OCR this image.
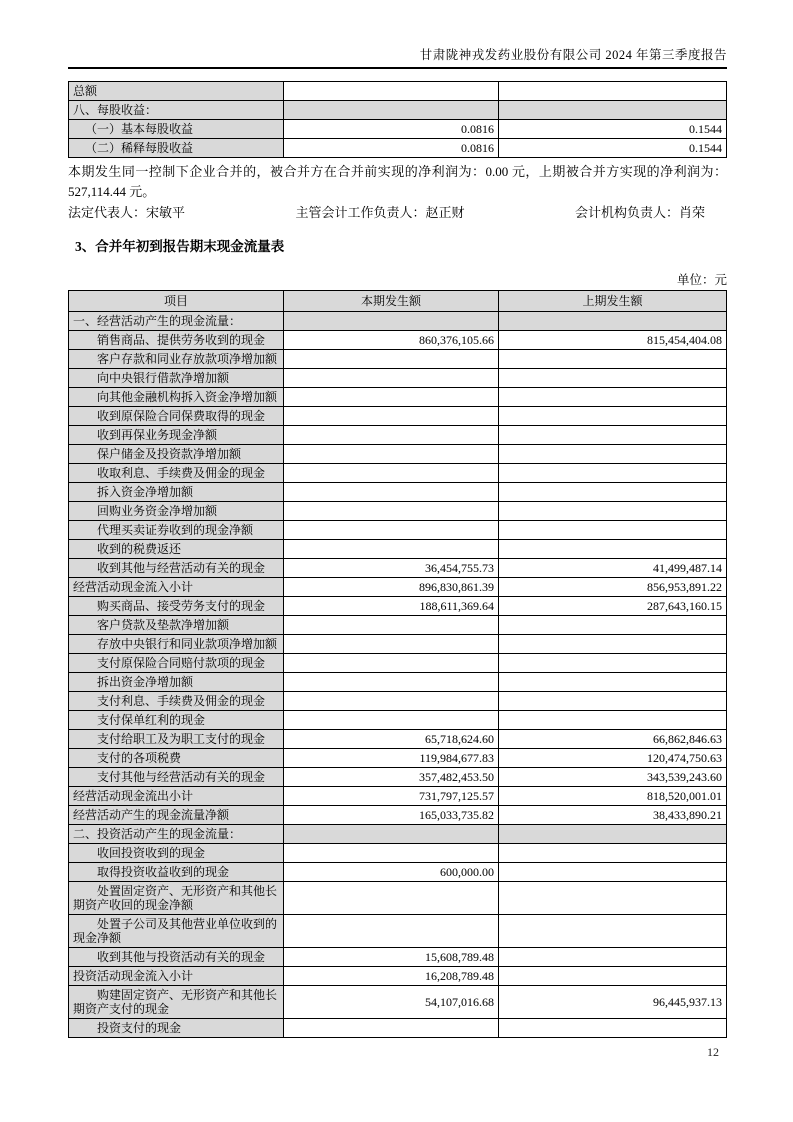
甘肃陇神戎发药业股份有限公司 2024 年第三季度报告
总额		
八、每股收益：		
（一）基本每股收益	0.0816	0.1544
（二）稀释每股收益	0.0816	0.1544

本期发生同一控制下企业合并的，被合并方在合并前实现的净利润为：0.00 元，上期被合并方实现的净利润为：527,114.44 元。

法定代表人：宋敏平	主管会计工作负责人：赵正财	会计机构负责人：肖荣
3、合并年初到报告期末现金流量表
单位：元
项目	本期发生额	上期发生额
一、经营活动产生的现金流量：		
销售商品、提供劳务收到的现金	860,376,105.66	815,454,404.08
客户存款和同业存放款项净增加额		
向中央银行借款净增加额		
向其他金融机构拆入资金净增加额		
收到原保险合同保费取得的现金		
收到再保业务现金净额		
保户储金及投资款净增加额		
收取利息、手续费及佣金的现金		
拆入资金净增加额		
回购业务资金净增加额		
代理买卖证券收到的现金净额		
收到的税费返还		
收到其他与经营活动有关的现金	36,454,755.73	41,499,487.14
经营活动现金流入小计	896,830,861.39	856,953,891.22
购买商品、接受劳务支付的现金	188,611,369.64	287,643,160.15
客户贷款及垫款净增加额		
存放中央银行和同业款项净增加额		
支付原保险合同赔付款项的现金		
拆出资金净增加额		
支付利息、手续费及佣金的现金		
支付保单红利的现金		
支付给职工及为职工支付的现金	65,718,624.60	66,862,846.63
支付的各项税费	119,984,677.83	120,474,750.63
支付其他与经营活动有关的现金	357,482,453.50	343,539,243.60
经营活动现金流出小计	731,797,125.57	818,520,001.01
经营活动产生的现金流量净额	165,033,735.82	38,433,890.21
二、投资活动产生的现金流量：		
收回投资收到的现金		
取得投资收益收到的现金	600,000.00	
处置固定资产、无形资产和其他长期资产收回的现金净额		
处置子公司及其他营业单位收到的现金净额		
收到其他与投资活动有关的现金	15,608,789.48	
投资活动现金流入小计	16,208,789.48	
购建固定资产、无形资产和其他长期资产支付的现金	54,107,016.68	96,445,937.13
投资支付的现金		
12
